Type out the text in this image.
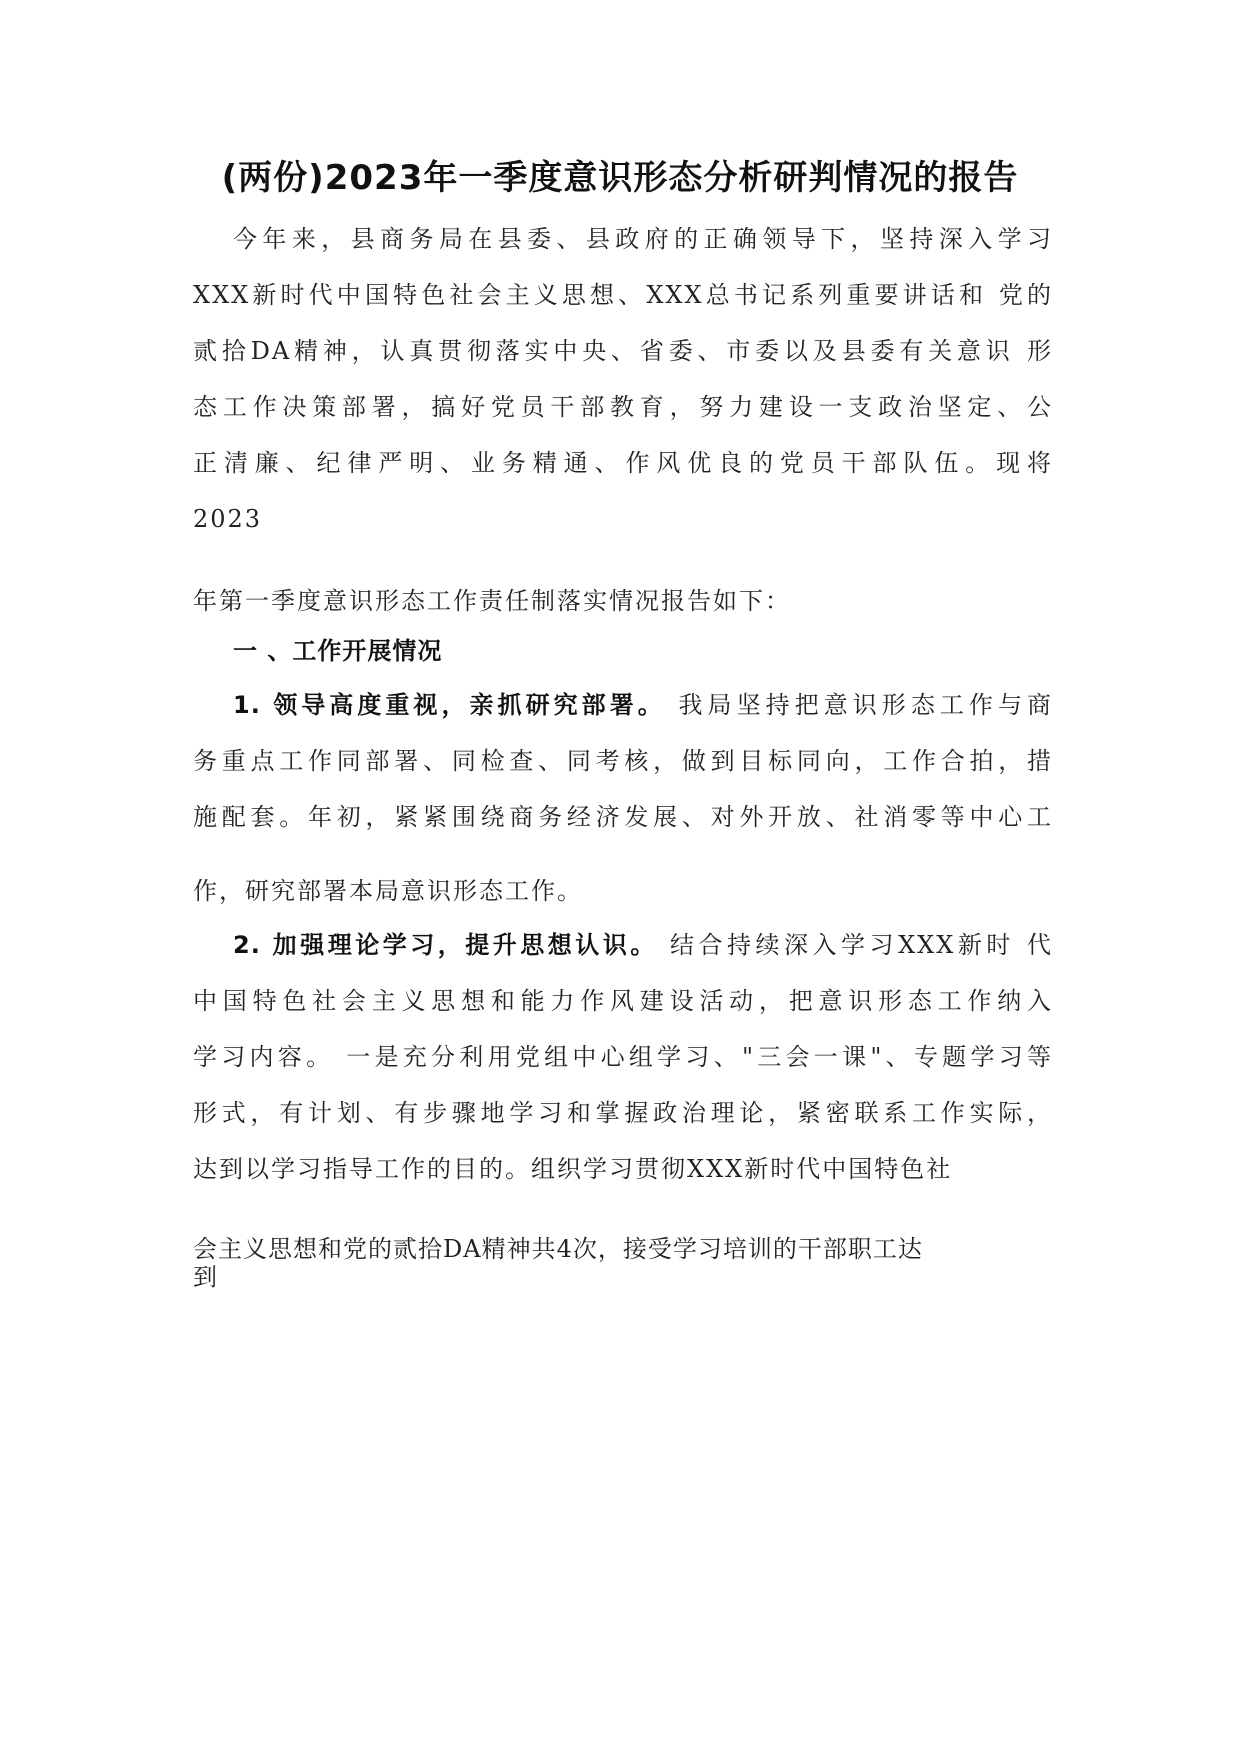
(两份)2023年一季度意识形态分析研判情况的报告
今年来，县商务局在县委、县政府的正确领导下，坚持深入学习
XXX新时代中国特色社会主义思想、XXX总书记系列重要讲话和 党的
贰拾DA精神，认真贯彻落实中央、省委、市委以及县委有关意识 形
态工作决策部署，搞好党员干部教育，努力建设一支政治坚定、公
正清廉、纪律严明、业务精通、作风优良的党员干部队伍。现将
2023
年第一季度意识形态工作责任制落实情况报告如下：
一 、工作开展情况
1. 领导高度重视，亲抓研究部署。 我局坚持把意识形态工作与商
务重点工作同部署、同检查、同考核，做到目标同向，工作合拍，措
施配套。年初，紧紧围绕商务经济发展、对外开放、社消零等中心工
作，研究部署本局意识形态工作。
2. 加强理论学习，提升思想认识。 结合持续深入学习XXX新时 代
中国特色社会主义思想和能力作风建设活动，把意识形态工作纳入
学习内容。 一是充分利用党组中心组学习、"三会一课"、专题学习等
形式，有计划、有步骤地学习和掌握政治理论，紧密联系工作实际，
达到以学习指导工作的目的。组织学习贯彻XXX新时代中国特色社
会主义思想和党的贰拾DA精神共4次，接受学习培训的干部职工达
到
